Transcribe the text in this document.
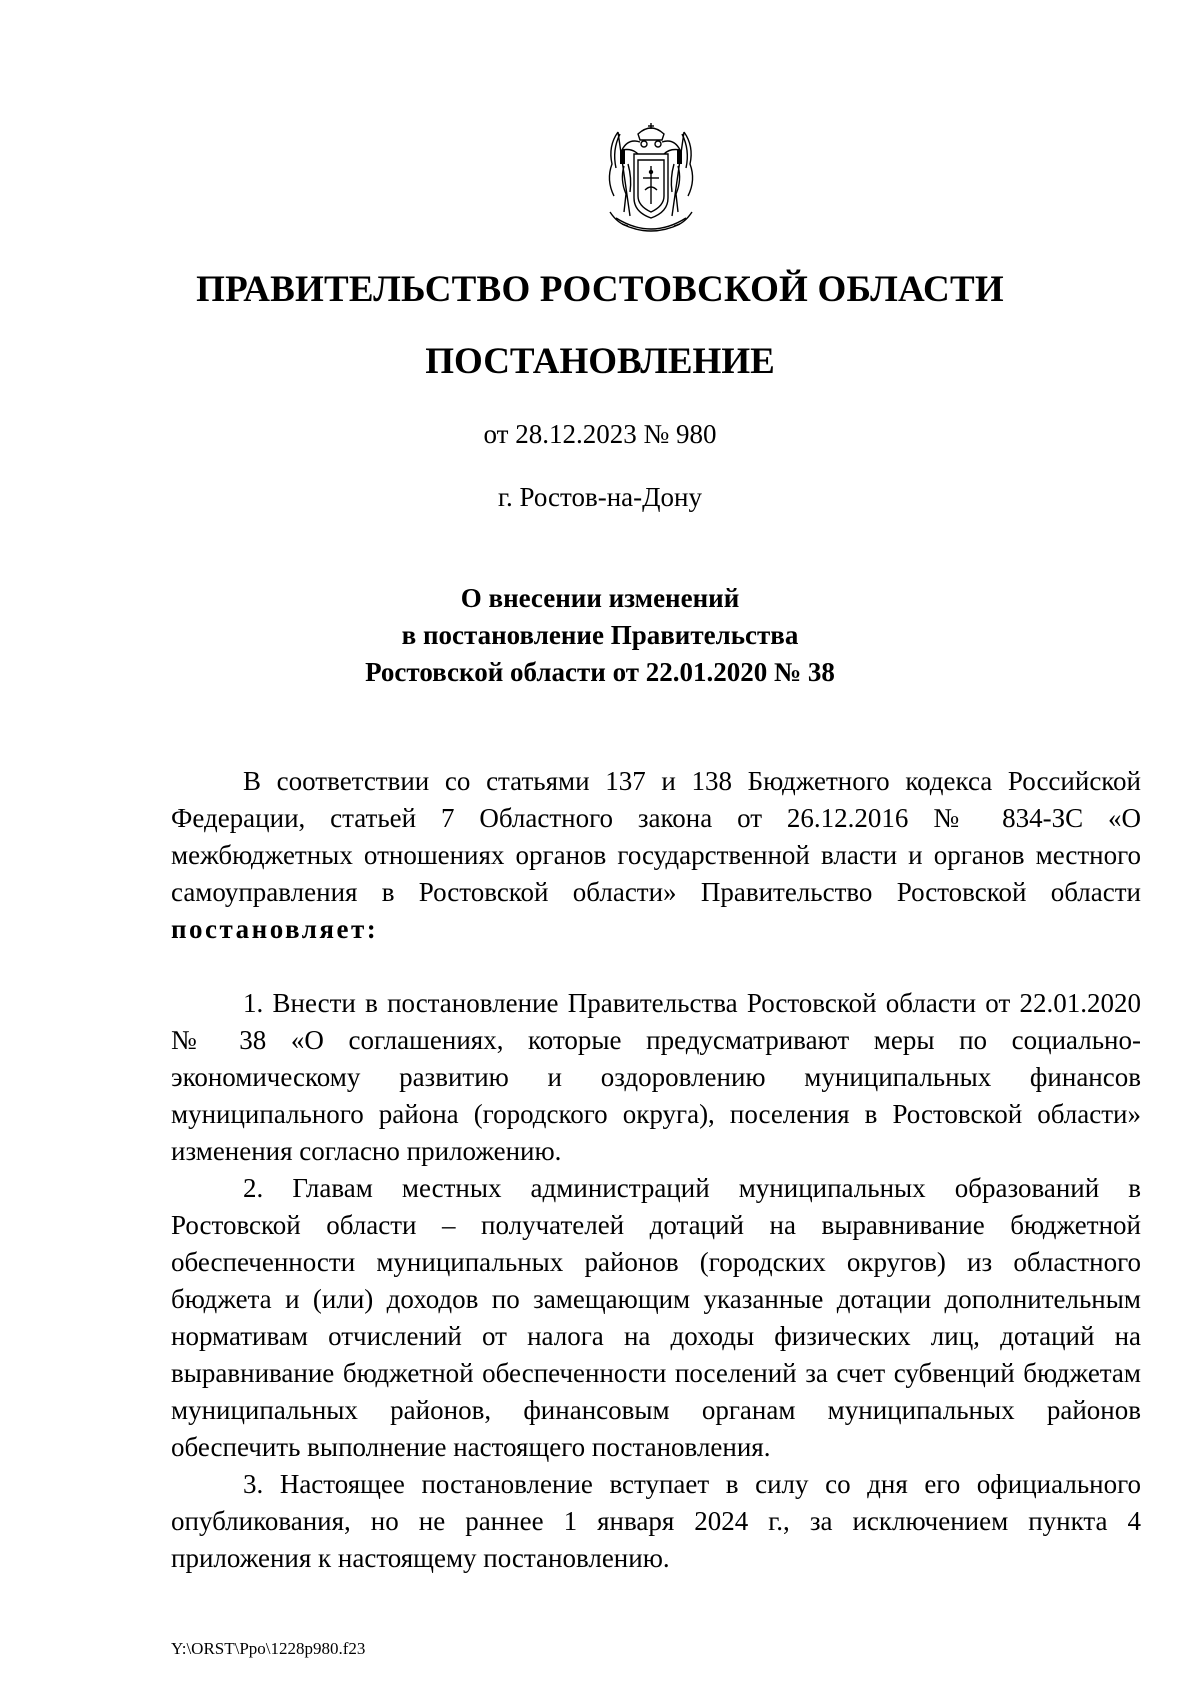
ПРАВИТЕЛЬСТВО РОСТОВСКОЙ ОБЛАСТИ
ПОСТАНОВЛЕНИЕ
от 28.12.2023 № 980
г. Ростов-на-Дону
О внесении изменений
в постановление Правительства
Ростовской области от 22.01.2020 № 38

В соответствии со статьями 137 и 138 Бюджетного кодекса Российской Федерации, статьей 7 Областного закона от 26.12.2016 № 834-ЗС «О межбюджетных отношениях органов государственной власти и органов местного самоуправления в Ростовской области» Правительство Ростовской области постановляет:

1. Внести в постановление Правительства Ростовской области от 22.01.2020 № 38 «О соглашениях, которые предусматривают меры по социально-экономическому развитию и оздоровлению муниципальных финансов муниципального района (городского округа), поселения в Ростовской области» изменения согласно приложению.

2. Главам местных администраций муниципальных образований в Ростовской области – получателей дотаций на выравнивание бюджетной обеспеченности муниципальных районов (городских округов) из областного бюджета и (или) доходов по замещающим указанные дотации дополнительным нормативам отчислений от налога на доходы физических лиц, дотаций на выравнивание бюджетной обеспеченности поселений за счет субвенций бюджетам муниципальных районов, финансовым органам муниципальных районов обеспечить выполнение настоящего постановления.

3. Настоящее постановление вступает в силу со дня его официального опубликования, но не раннее 1 января 2024 г., за исключением пункта 4 приложения к настоящему постановлению.

Y:\ORST\Ppo\1228p980.f23
